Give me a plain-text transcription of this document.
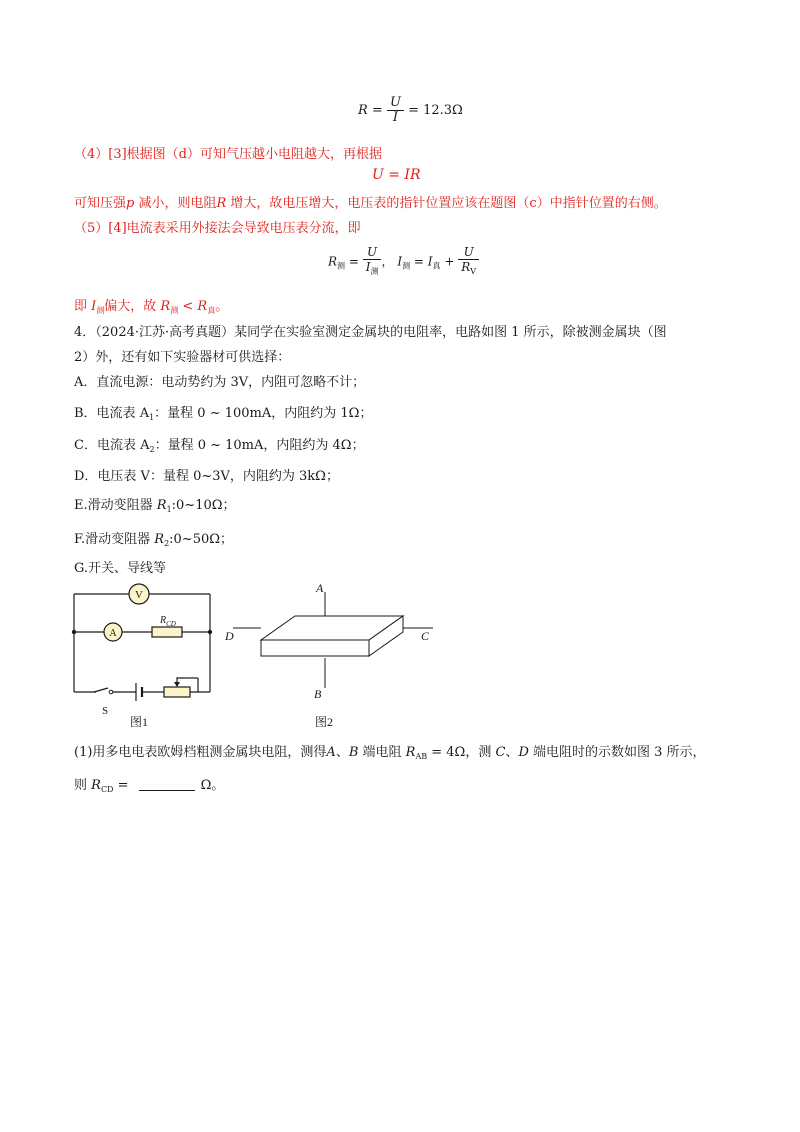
$R = \frac{U}{I} = 12.3\Omega$
（4）[3]根据图（d）可知气压越小电阻越大，再根据
U = IR
可知压强p 减小，则电阻R 增大，故电压增大，电压表的指针位置应该在题图（c）中指针位置的右侧。
（5）[4]电流表采用外接法会导致电压表分流，即
$R_测 = \frac{U}{I_测}$ ， $I_测 = I_真 + \frac{U}{R_V}$
即 $I_测$偏大，故 $R_测 < R_真$。
4．（2024·江苏·高考真题）某同学在实验室测定金属块的电阻率，电路如图 1 所示，除被测金属块（图
2）外，还有如下实验器材可供选择：
A．直流电源：电动势约为 3V，内阻可忽略不计；
B．电流表 $A_1$：量程 0 ~ 100mA，内阻约为 1Ω；
C．电流表 $A_2$：量程 0 ~ 10mA，内阻约为 4Ω；
D．电压表 V：量程 0~3V，内阻约为 3kΩ；
E.滑动变阻器 $R_1:0\sim 10\Omega$；
F.滑动变阻器 $R_2:0\sim 50\Omega$；
G.开关、导线等
V
A
$R_{CD}$
S
图1
A
B
D	C
图2
(1)用多电电表欧姆档粗测金属块电阻，测得A、B 端电阻 $R_{AB} = 4\Omega$，测 C、D 端电阻时的示数如图 3 所示，
则 $R_{CD}$ =	Ω。
